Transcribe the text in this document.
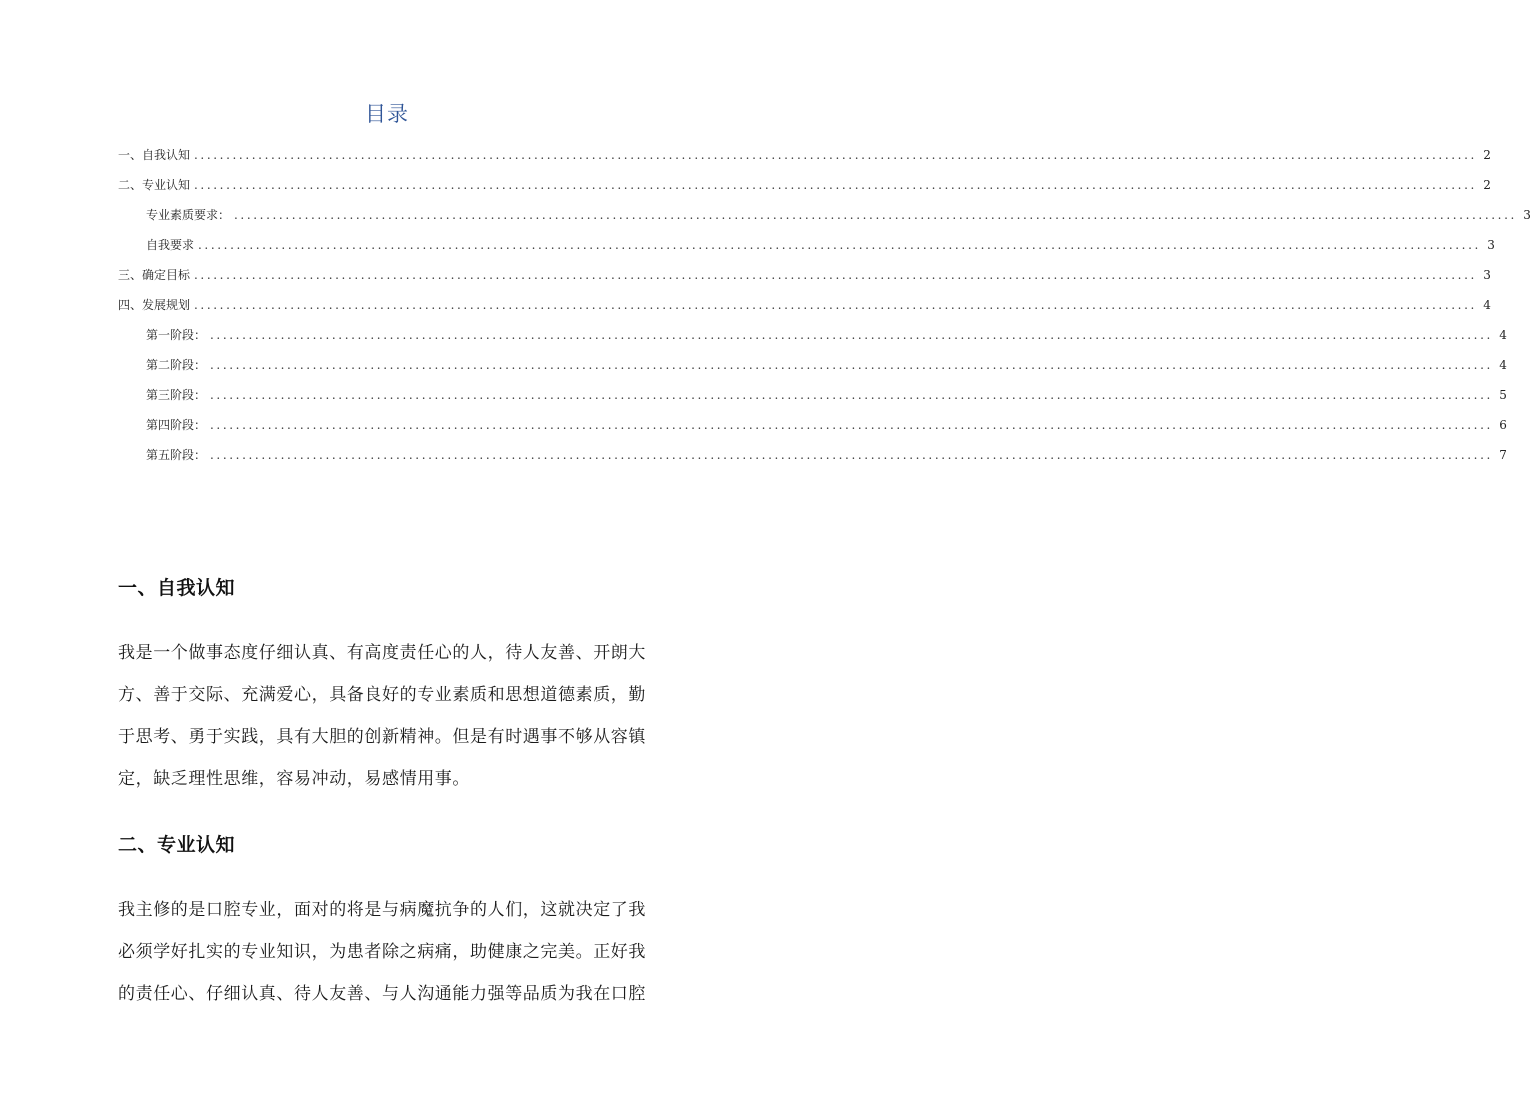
目录
一、自我认知 ........................................................................................................................................................................................................ 2
二、专业认知 ........................................................................................................................................................................................................ 2
专业素质要求： ........................................................................................................................................................................................................ 3
自我要求 ........................................................................................................................................................................................................ 3
三、确定目标 ........................................................................................................................................................................................................ 3
四、发展规划 ........................................................................................................................................................................................................ 4
第一阶段： ........................................................................................................................................................................................................ 4
第二阶段： ........................................................................................................................................................................................................ 4
第三阶段： ........................................................................................................................................................................................................ 5
第四阶段： ........................................................................................................................................................................................................ 6
第五阶段： ........................................................................................................................................................................................................ 7
一、自我认知

我是一个做事态度仔细认真、有高度责任心的人，待人友善、开朗大方、善于交际、充满爱心，具备良好的专业素质和思想道德素质，勤于思考、勇于实践，具有大胆的创新精神。但是有时遇事不够从容镇定，缺乏理性思维，容易冲动，易感情用事。

二、专业认知

我主修的是口腔专业，面对的将是与病魔抗争的人们，这就决定了我必须学好扎实的专业知识，为患者除之病痛，助健康之完美。正好我的责任心、仔细认真、待人友善、与人沟通能力强等品质为我在口腔
